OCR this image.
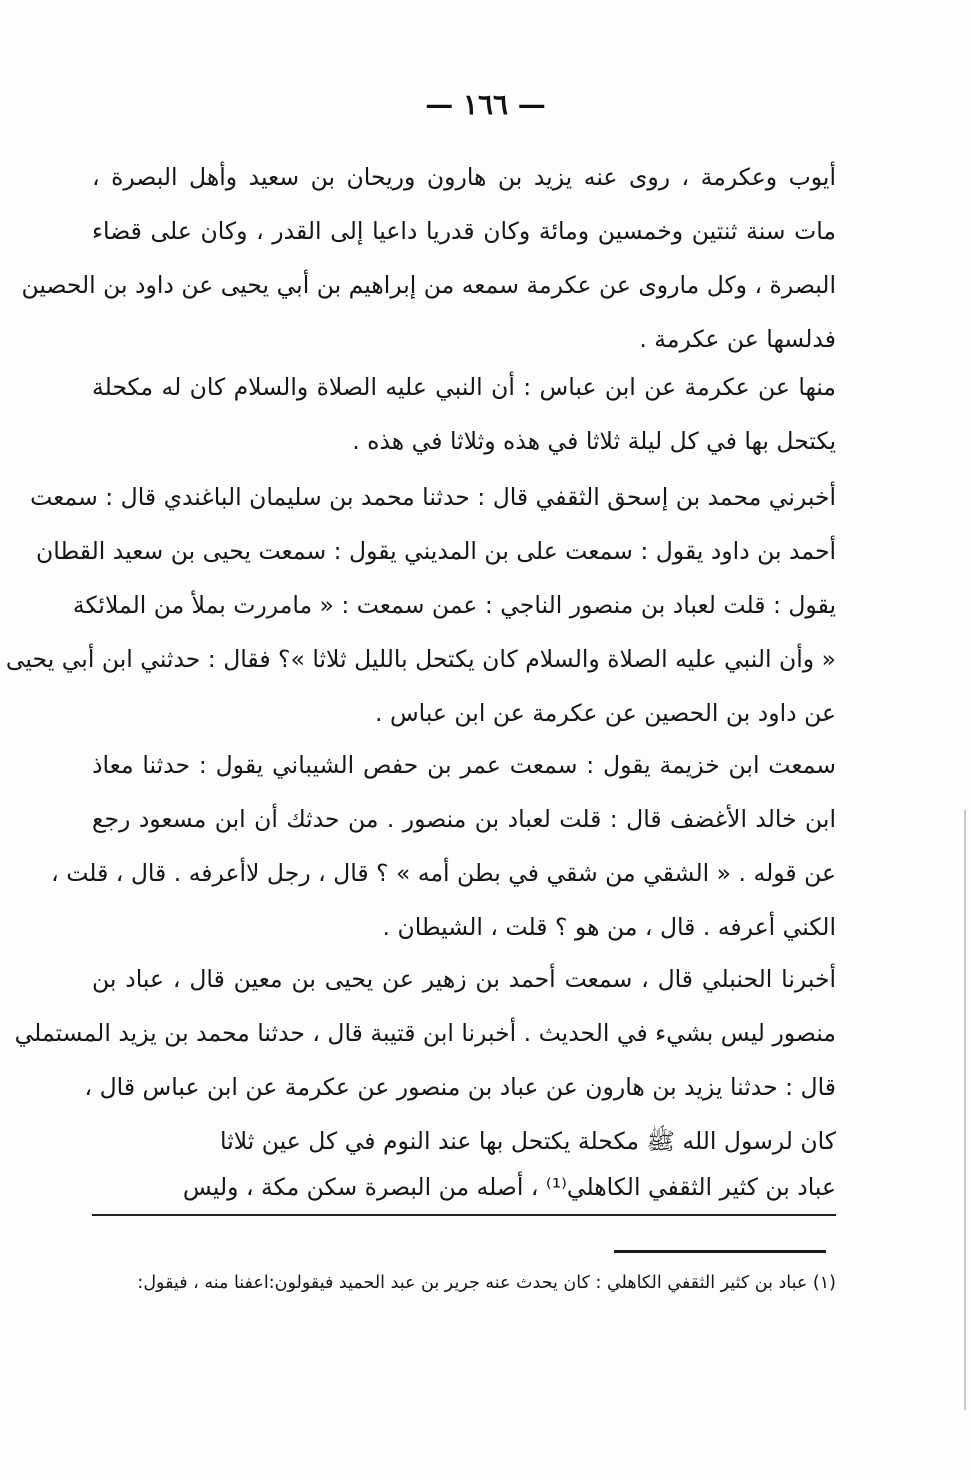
— ١٦٦ —
أيوب وعكرمة ، روى عنه يزيد بن هارون وريحان بن سعيد وأهل البصرة ،
مات سنة ثنتين وخمسين ومائة وكان قدريا داعيا إلى القدر ، وكان على قضاء
البصرة ، وكل ماروى عن عكرمة سمعه من إبراهيم بن أبي يحيى عن داود بن الحصين
فدلسها عن عكرمة .
منها عن عكرمة عن ابن عباس : أن النبي عليه الصلاة والسلام كان له مكحلة
يكتحل بها في كل ليلة ثلاثا في هذه وثلاثا في هذه .
أخبرني محمد بن إسحق الثقفي قال : حدثنا محمد بن سليمان الباغندي قال : سمعت
أحمد بن داود يقول : سمعت على بن المديني يقول : سمعت يحيى بن سعيد القطان
يقول : قلت لعباد بن منصور الناجي : عمن سمعت : « مامررت بملأ من الملائكة
« وأن النبي عليه الصلاة والسلام كان يكتحل بالليل ثلاثا »؟ فقال : حدثني ابن أبي يحيى
عن داود بن الحصين عن عكرمة عن ابن عباس .
سمعت ابن خزيمة يقول : سمعت عمر بن حفص الشيباني يقول : حدثنا معاذ
ابن خالد الأغضف قال : قلت لعباد بن منصور . من حدثك أن ابن مسعود رجع
عن قوله . « الشقي من شقي في بطن أمه » ؟ قال ، رجل لاأعرفه . قال ، قلت ،
الكني أعرفه . قال ، من هو ؟ قلت ، الشيطان .
أخبرنا الحنبلي قال ، سمعت أحمد بن زهير عن يحيى بن معين قال ، عباد بن
منصور ليس بشيء في الحديث . أخبرنا ابن قتيبة قال ، حدثنا محمد بن يزيد المستملي
قال : حدثنا يزيد بن هارون عن عباد بن منصور عن عكرمة عن ابن عباس قال ،
كان لرسول الله ﷺ مكحلة يكتحل بها عند النوم في كل عين ثلاثا
عباد بن كثير الثقفي الكاهلي⁽¹⁾ ، أصله من البصرة سكن مكة ، وليس
(١) عباد بن كثير الثقفي الكاهلي : كان يحدث عنه جرير بن عبد الحميد فيقولون:اعفنا منه ، فيقول:
